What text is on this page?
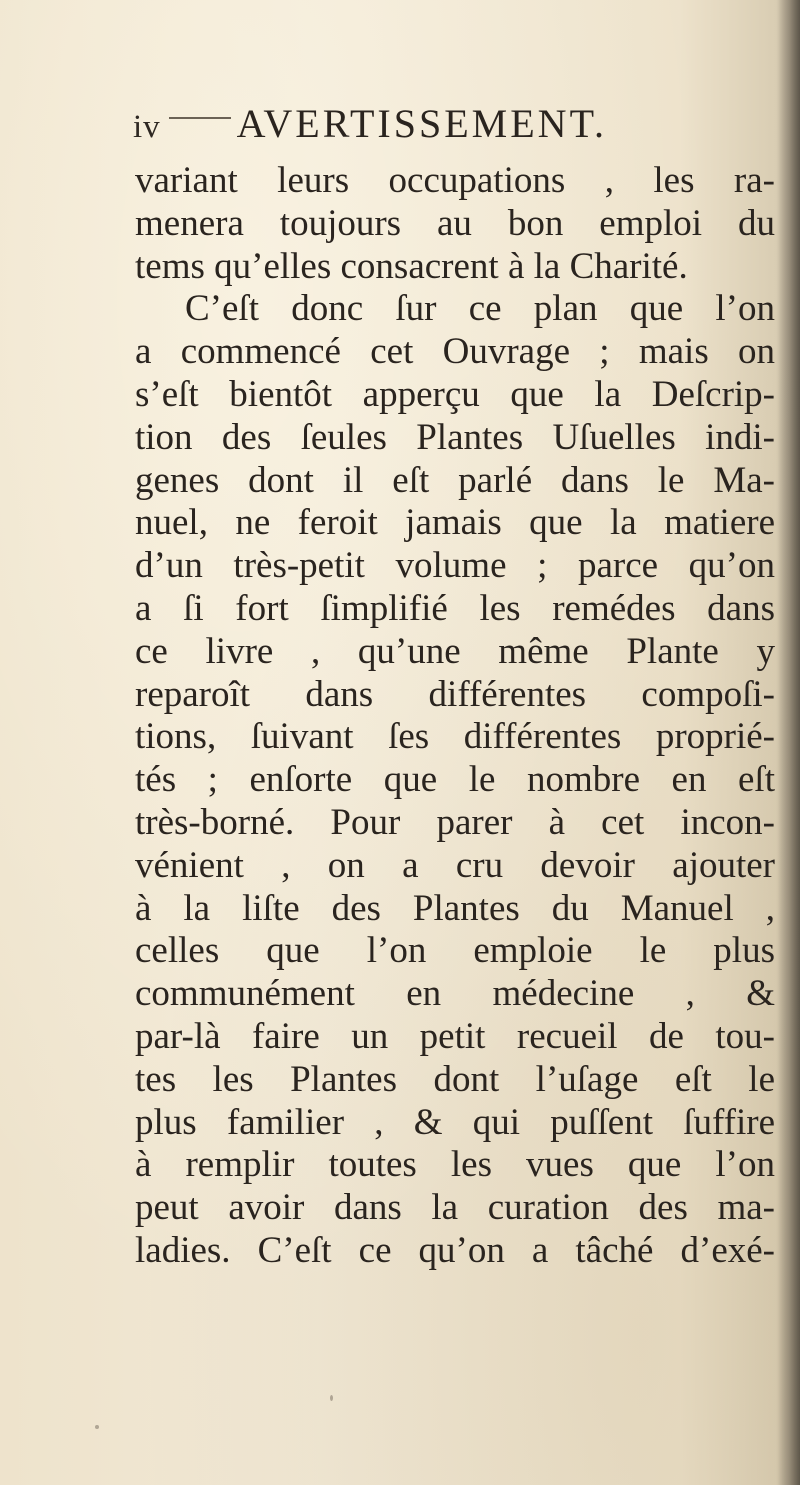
iv AVERTISSEMENT.
variant leurs occupations , les ra-
menera toujours au bon emploi du
tems qu’elles consacrent à la Charité.
C’eſt donc ſur ce plan que l’on
a commencé cet Ouvrage ; mais on
s’eſt bientôt apperçu que la Deſcrip-
tion des ſeules Plantes Uſuelles indi-
genes dont il eſt parlé dans le Ma-
nuel, ne feroit jamais que la matiere
d’un très-petit volume ; parce qu’on
a ſi fort ſimplifié les remédes dans
ce livre , qu’une même Plante y
reparoît dans différentes compoſi-
tions, ſuivant ſes différentes proprié-
tés ; enſorte que le nombre en eſt
très-borné. Pour parer à cet incon-
vénient , on a cru devoir ajouter
à la liſte des Plantes du Manuel ,
celles que l’on emploie le plus
communément en médecine , &
par-là faire un petit recueil de tou-
tes les Plantes dont l’uſage eſt le
plus familier , & qui puſſent ſuffire
à remplir toutes les vues que l’on
peut avoir dans la curation des ma-
ladies. C’eſt ce qu’on a tâché d’exé-
